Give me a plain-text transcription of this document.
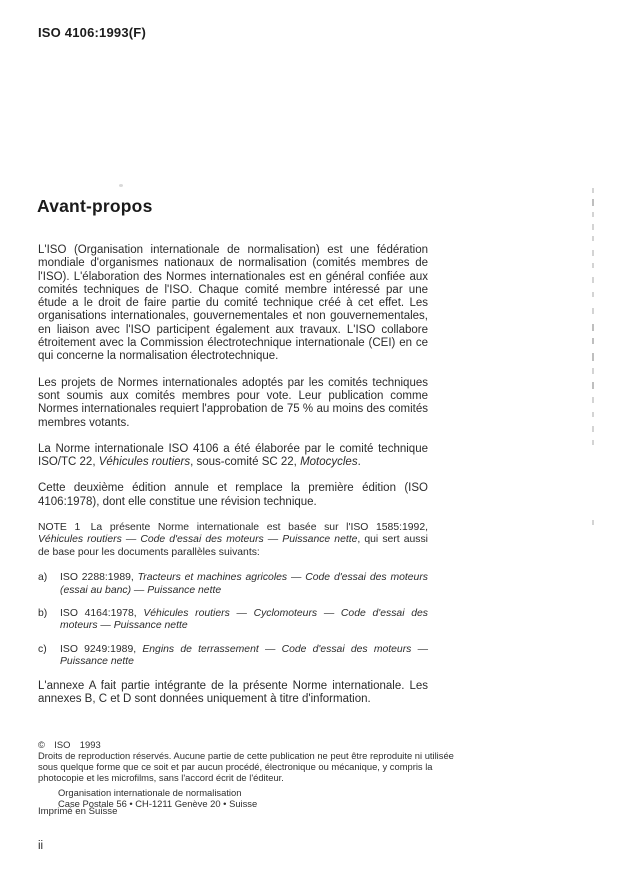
ISO 4106:1993(F)
Avant-propos

L'ISO (Organisation internationale de normalisation) est une fédération mondiale d'organismes nationaux de normalisation (comités membres de l'ISO). L'élaboration des Normes internationales est en général confiée aux comités techniques de l'ISO. Chaque comité membre intéressé par une étude a le droit de faire partie du comité technique créé à cet effet. Les organisations internationales, gouvernementales et non gouvernementales, en liaison avec l'ISO participent également aux travaux. L'ISO collabore étroitement avec la Commission électrotechnique internationale (CEI) en ce qui concerne la normalisation électrotechnique.

Les projets de Normes internationales adoptés par les comités techniques sont soumis aux comités membres pour vote. Leur publication comme Normes internationales requiert l'approbation de 75 % au moins des comités membres votants.

La Norme internationale ISO 4106 a été élaborée par le comité technique ISO/TC 22, Véhicules routiers, sous-comité SC 22, Motocycles.

Cette deuxième édition annule et remplace la première édition (ISO 4106:1978), dont elle constitue une révision technique.

NOTE 1  La présente Norme internationale est basée sur l'ISO 1585:1992, Véhicules routiers — Code d'essai des moteurs — Puissance nette, qui sert aussi de base pour les documents parallèles suivants:

a)	ISO 2288:1989, Tracteurs et machines agricoles — Code d'essai des moteurs (essai au banc) — Puissance nette
b)	ISO 4164:1978, Véhicules routiers — Cyclomoteurs — Code d'essai des moteurs — Puissance nette
c)	ISO 9249:1989, Engins de terrassement — Code d'essai des moteurs — Puissance nette

L'annexe A fait partie intégrante de la présente Norme internationale. Les annexes B, C et D sont données uniquement à titre d'information.

©  ISO  1993

Droits de reproduction réservés. Aucune partie de cette publication ne peut être reproduite ni utilisée sous quelque forme que ce soit et par aucun procédé, électronique ou mécanique, y compris la photocopie et les microfilms, sans l'accord écrit de l'éditeur.

Organisation internationale de normalisation
Case Postale 56 • CH-1211 Genève 20 • Suisse
Imprimé en Suisse
ii
